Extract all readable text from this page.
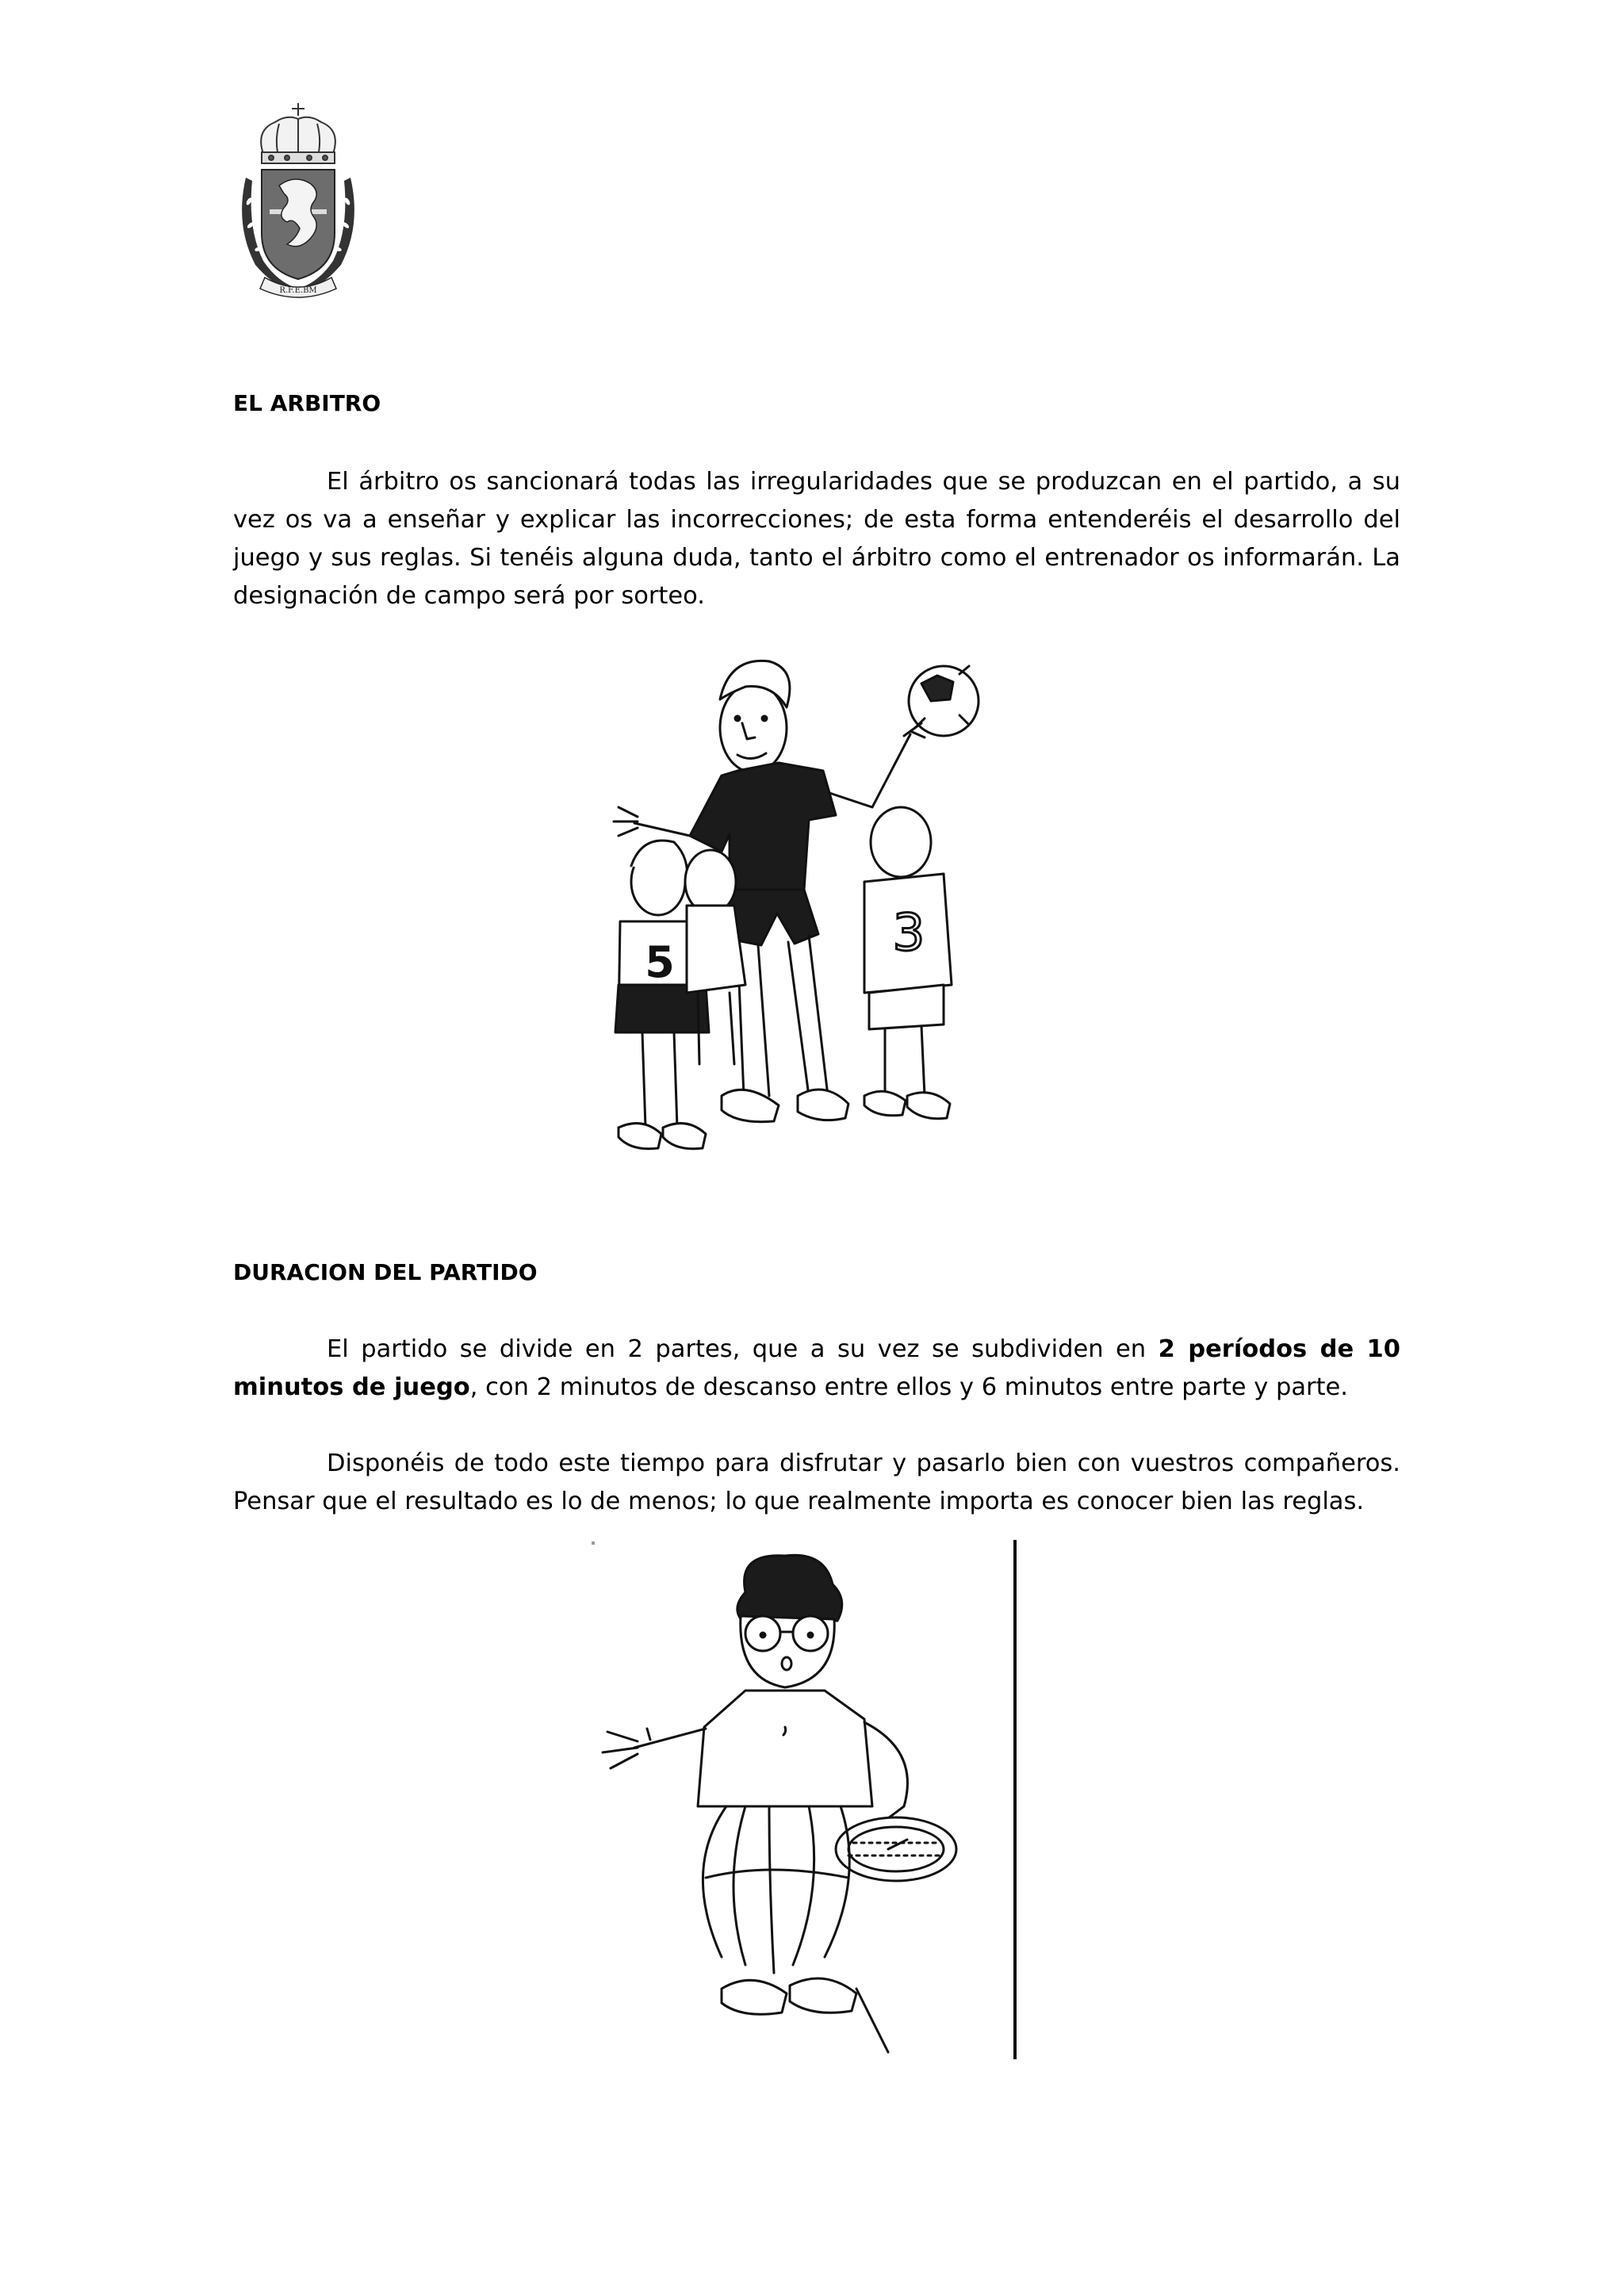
R.F.E.BM
EL ARBITRO

El árbitro os sancionará todas las irregularidades que se produzcan en el partido, a su vez os va a enseñar y explicar las incorrecciones; de esta forma entenderéis el desarrollo del juego y sus reglas. Si tenéis alguna duda, tanto el árbitro como el entrenador os informarán. La designación de campo será por sorteo.

5	3
DURACION DEL PARTIDO

El partido se divide en 2 partes, que a su vez se subdividen en 2 períodos de 10 minutos de juego, con 2 minutos de descanso entre ellos y 6 minutos entre parte y parte.

Disponéis de todo este tiempo para disfrutar y pasarlo bien con vuestros compañeros. Pensar que el resultado es lo de menos; lo que realmente importa es conocer bien las reglas.
